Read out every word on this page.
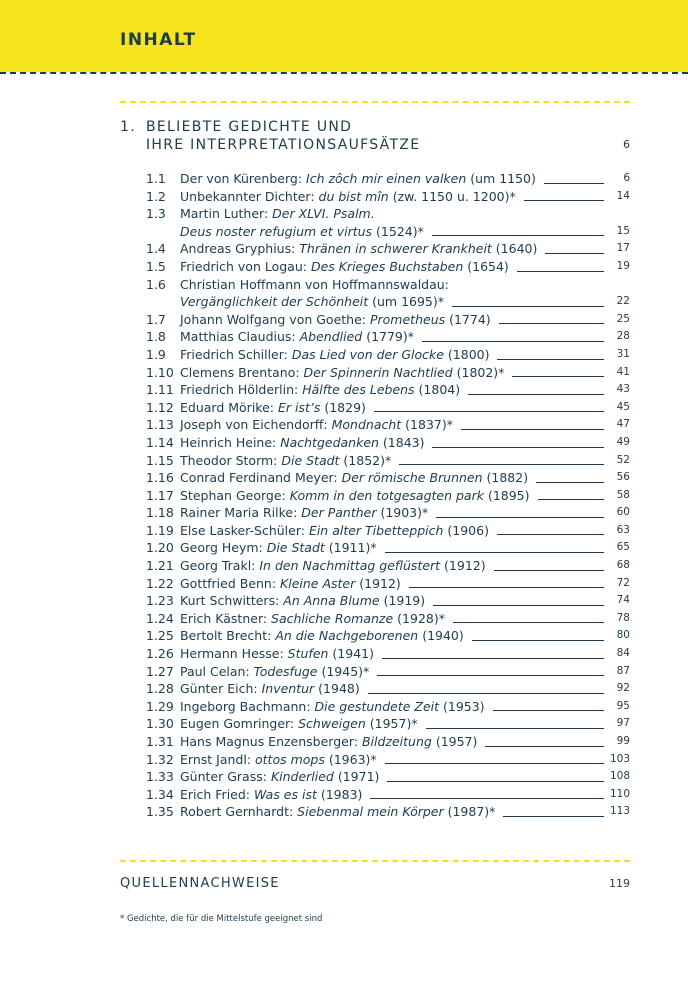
INHALT
1. BELIEBTE GEDICHTE UND
IHRE INTERPRETATIONSAUFSÄTZE	6
1.1	Der von Kürenberg: Ich zôch mir einen valken (um 1150)	6
1.2	Unbekannter Dichter: du bist mîn (zw. 1150 u. 1200)*	14
1.3	Martin Luther: Der XLVI. Psalm.
Deus noster refugium et virtus (1524)*	15
1.4	Andreas Gryphius: Thränen in schwerer Krankheit (1640)	17
1.5	Friedrich von Logau: Des Krieges Buchstaben (1654)	19
1.6	Christian Hoffmann von Hoffmannswaldau:
Vergänglichkeit der Schönheit (um 1695)*	22
1.7	Johann Wolfgang von Goethe: Prometheus (1774)	25
1.8	Matthias Claudius: Abendlied (1779)*	28
1.9	Friedrich Schiller: Das Lied von der Glocke (1800)	31
1.10 Clemens Brentano: Der Spinnerin Nachtlied (1802)*	41
1.11 Friedrich Hölderlin: Hälfte des Lebens (1804)	43
1.12 Eduard Mörike: Er ist’s (1829)	45
1.13 Joseph von Eichendorff: Mondnacht (1837)*	47
1.14 Heinrich Heine: Nachtgedanken (1843)	49
1.15 Theodor Storm: Die Stadt (1852)*	52
1.16 Conrad Ferdinand Meyer: Der römische Brunnen (1882)	56
1.17 Stephan George: Komm in den totgesagten park (1895)	58
1.18 Rainer Maria Rilke: Der Panther (1903)*	60
1.19 Else Lasker-Schüler: Ein alter Tibetteppich (1906)	63
1.20 Georg Heym: Die Stadt (1911)*	65
1.21 Georg Trakl: In den Nachmittag geflüstert (1912)	68
1.22 Gottfried Benn: Kleine Aster (1912)	72
1.23 Kurt Schwitters: An Anna Blume (1919)	74
1.24 Erich Kästner: Sachliche Romanze (1928)*	78
1.25 Bertolt Brecht: An die Nachgeborenen (1940)	80
1.26 Hermann Hesse: Stufen (1941)	84
1.27 Paul Celan: Todesfuge (1945)*	87
1.28 Günter Eich: Inventur (1948)	92
1.29 Ingeborg Bachmann: Die gestundete Zeit (1953)	95
1.30 Eugen Gomringer: Schweigen (1957)*	97
1.31 Hans Magnus Enzensberger: Bildzeitung (1957)	99
1.32 Ernst Jandl: ottos mops (1963)*	103
1.33 Günter Grass: Kinderlied (1971)	108
1.34 Erich Fried: Was es ist (1983)	110
1.35 Robert Gernhardt: Siebenmal mein Körper (1987)*	113
QUELLENNACHWEISE	119
* Gedichte, die für die Mittelstufe geeignet sind
